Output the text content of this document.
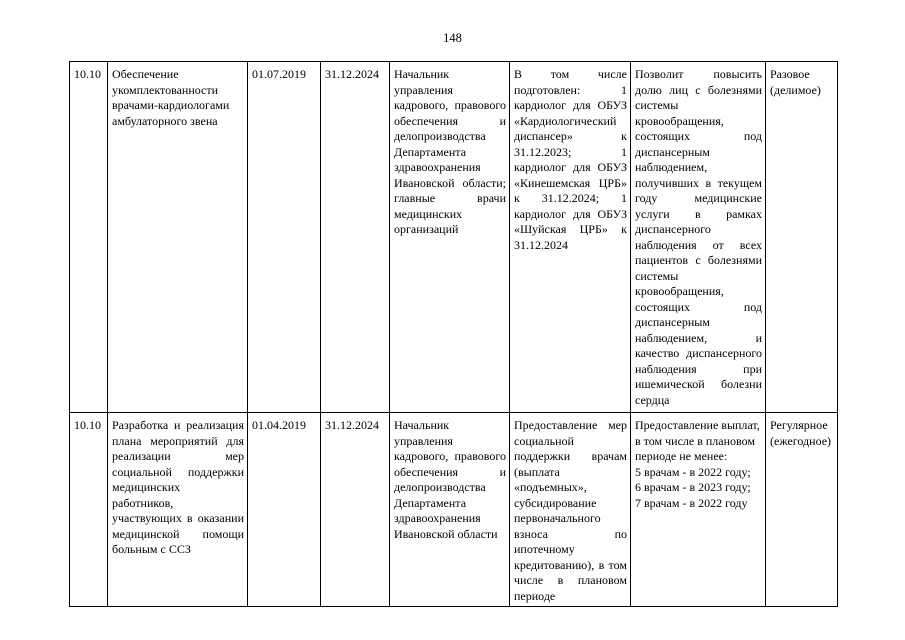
148
10.10	Обеспечение укомплектованности врачами-кардиологами амбулаторного звена	01.07.2019	31.12.2024	Начальник управления кадрового, правового обеспечения и делопроизводства Департамента здравоохранения Ивановской области; главные врачи медицинских организаций	В том числе подготовлен: 1 кардиолог для ОБУЗ «Кардиологический диспансер» к 31.12.2023; 1 кардиолог для ОБУЗ «Кинешемская ЦРБ» к 31.12.2024; 1 кардиолог для ОБУЗ «Шуйская ЦРБ» к 31.12.2024	Позволит повысить долю лиц с болезнями системы кровообращения, состоящих под диспансерным наблюдением, получивших в текущем году медицинские услуги в рамках диспансерного наблюдения от всех пациентов с болезнями системы кровообращения, состоящих под диспансерным наблюдением, и качество диспансерного наблюдения при ишемической болезни сердца	Разовое (делимое)
10.10	Разработка и реализация плана мероприятий для реализации мер социальной поддержки медицинских работников, участвующих в оказании медицинской помощи больным с ССЗ	01.04.2019	31.12.2024	Начальник управления кадрового, правового обеспечения и делопроизводства Департамента здравоохранения Ивановской области	Предоставление мер социальной поддержки врачам (выплата «подъемных», субсидирование первоначального взноса по ипотечному кредитованию), в том числе в плановом периоде	Предоставление выплат, в том числе в плановом периоде не менее:
5 врачам - в 2022 году;
6 врачам - в 2023 году;
7 врачам - в 2022 году	Регулярное (ежегодное)
